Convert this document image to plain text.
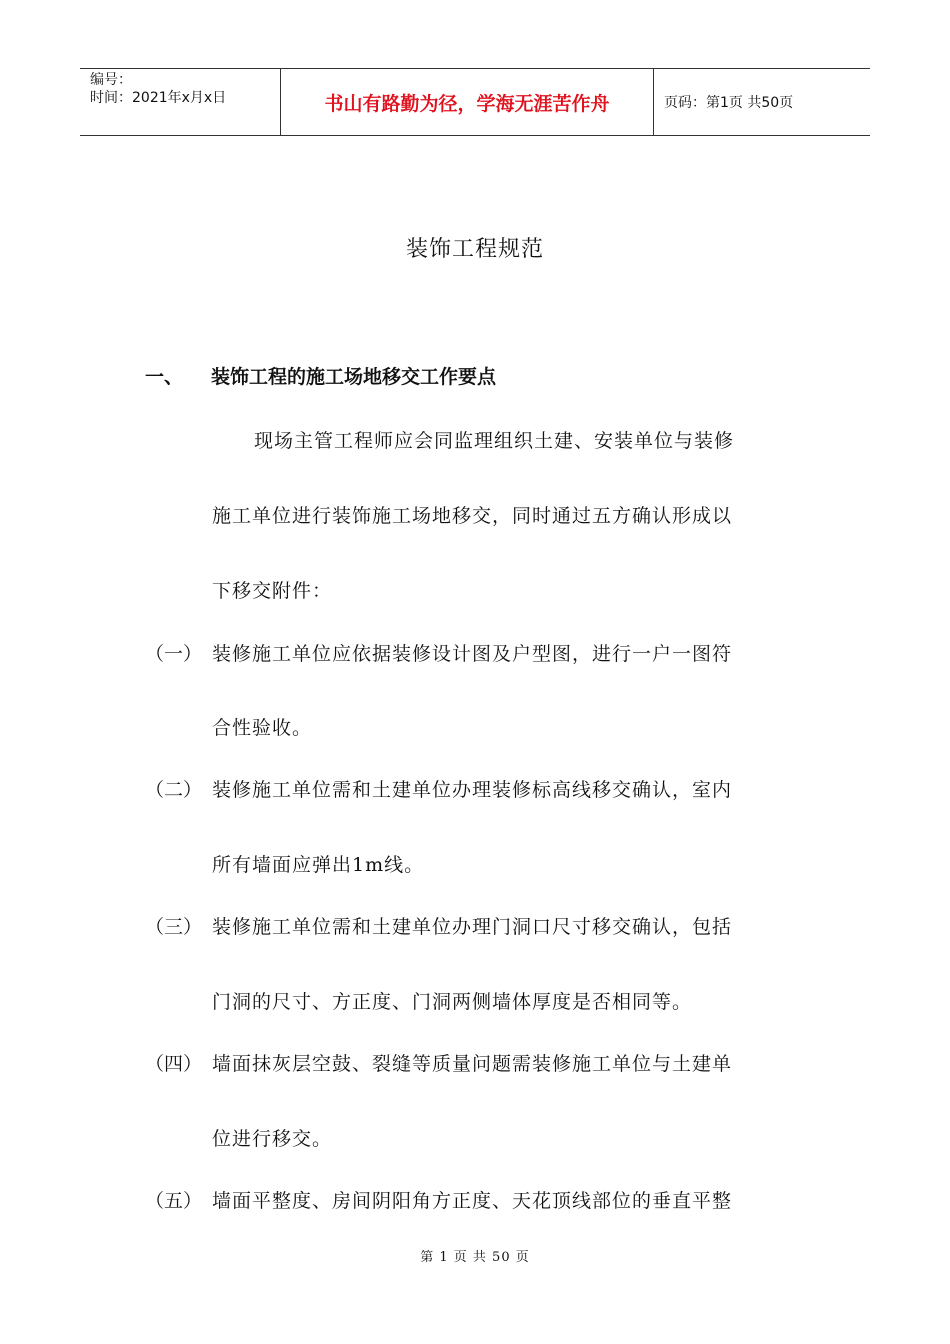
编号：
时间：2021年x月x日	书山有路勤为径，学海无涯苦作舟	页码：第1页 共50页
装饰工程规范
一、 装饰工程的施工场地移交工作要点
现场主管工程师应会同监理组织土建、安装单位与装修
施工单位进行装饰施工场地移交，同时通过五方确认形成以
下移交附件：
（一） 装修施工单位应依据装修设计图及户型图，进行一户一图符
合性验收。
（二） 装修施工单位需和土建单位办理装修标高线移交确认，室内
所有墙面应弹出1m线。
（三） 装修施工单位需和土建单位办理门洞口尺寸移交确认，包括
门洞的尺寸、方正度、门洞两侧墙体厚度是否相同等。
（四） 墙面抹灰层空鼓、裂缝等质量问题需装修施工单位与土建单
位进行移交。
（五） 墙面平整度、房间阴阳角方正度、天花顶线部位的垂直平整
第 1 页 共 50 页
